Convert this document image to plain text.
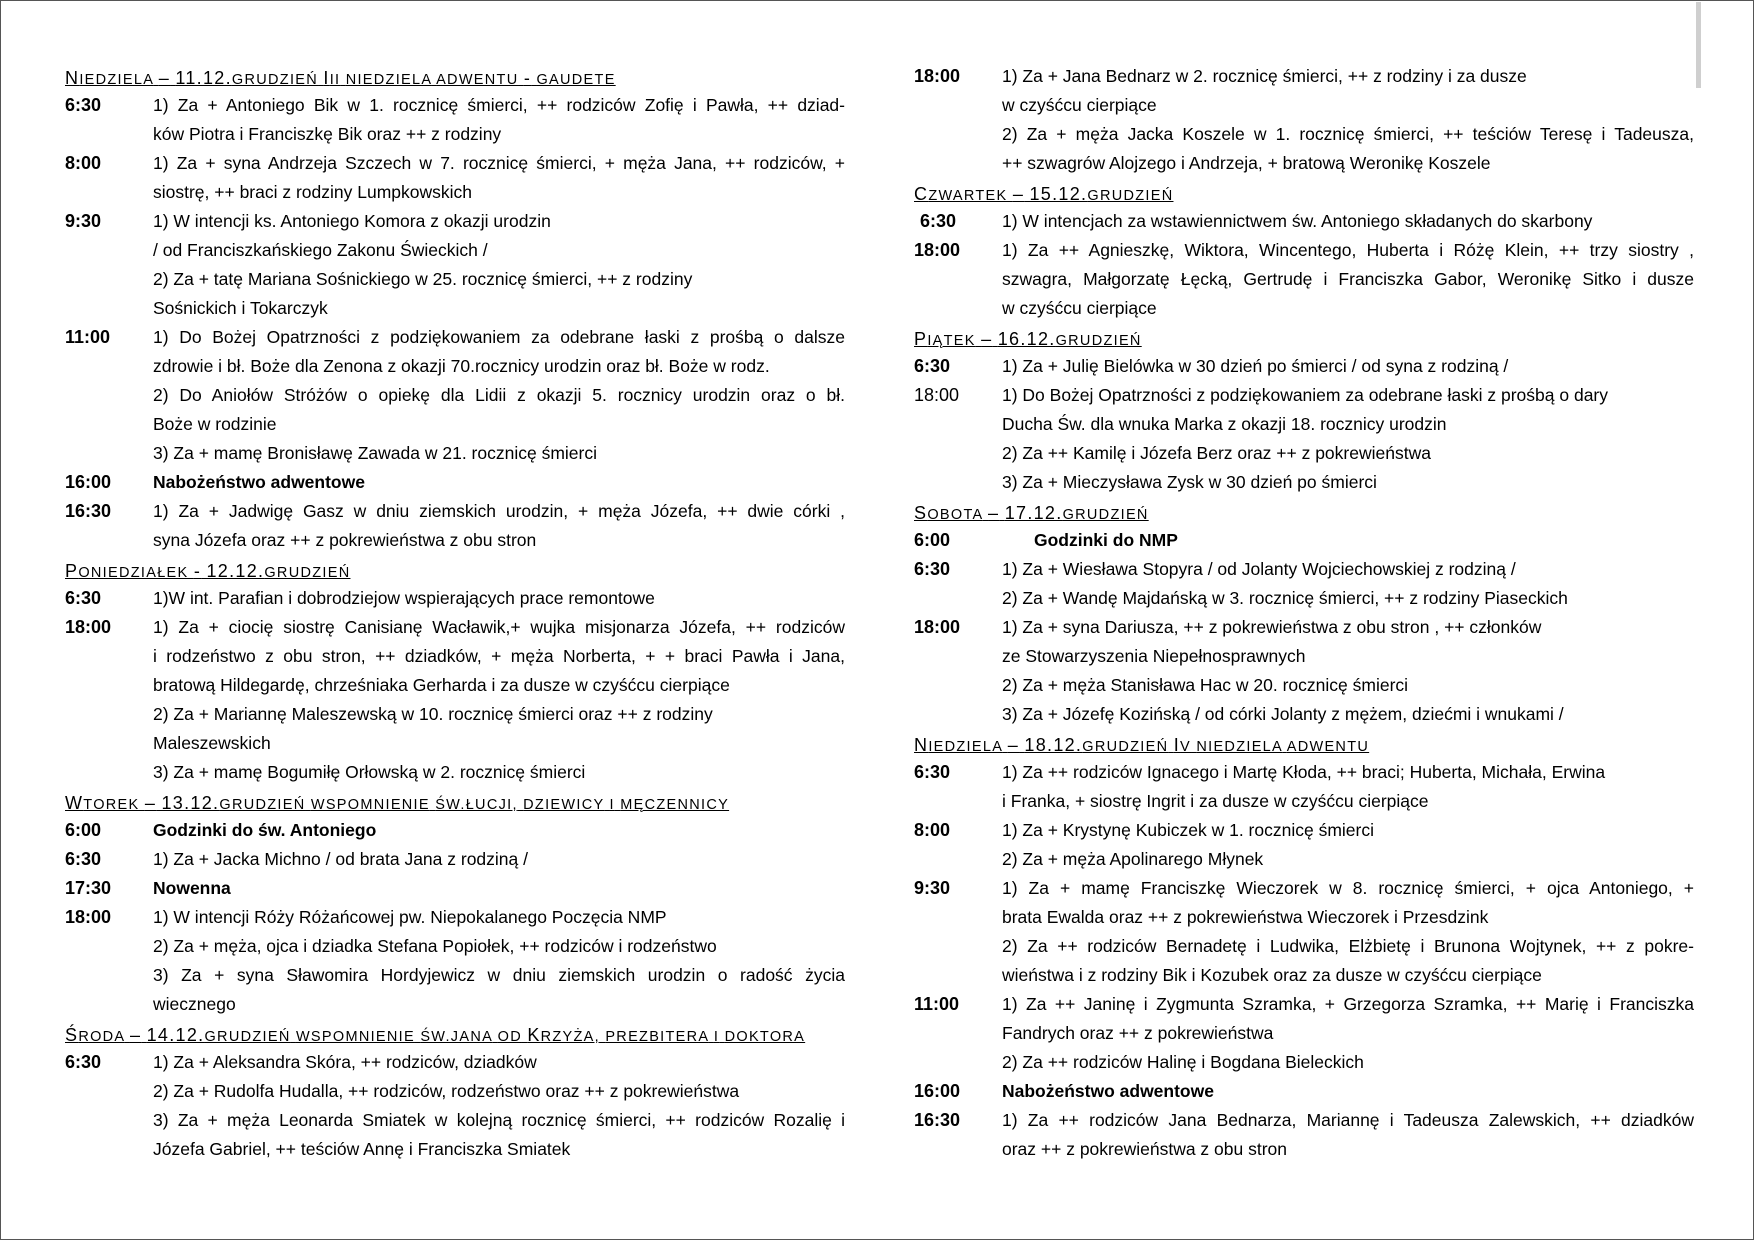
NIEDZIELA – 11.12.GRUDZIEŃ III NIEDZIELA ADWENTU - GAUDETE
6:30	1) Za + Antoniego Bik w 1. rocznicę śmierci, ++ rodziców Zofię i Pawła, ++ dziad-
ków Piotra i Franciszkę Bik oraz ++ z rodziny
8:00	1) Za + syna Andrzeja Szczech w 7. rocznicę śmierci, + męża Jana, ++ rodziców, +
siostrę, ++ braci z rodziny Lumpkowskich
9:30	1) W intencji ks. Antoniego Komora z okazji urodzin
/ od Franciszkańskiego Zakonu Świeckich /
2) Za + tatę Mariana Sośnickiego w 25. rocznicę śmierci, ++ z rodziny
Sośnickich i Tokarczyk
11:00	1) Do Bożej Opatrzności z podziękowaniem za odebrane łaski z prośbą o dalsze
zdrowie i bł. Boże dla Zenona z okazji 70.rocznicy urodzin oraz bł. Boże w rodz.
2) Do Aniołów Stróżów o opiekę dla Lidii z okazji 5. rocznicy urodzin oraz o bł.
Boże w rodzinie
3) Za + mamę Bronisławę Zawada w 21. rocznicę śmierci
16:00	Nabożeństwo adwentowe
16:30	1) Za + Jadwigę Gasz w dniu ziemskich urodzin, + męża Józefa, ++ dwie córki ,
syna Józefa oraz ++ z pokrewieństwa z obu stron
PONIEDZIAŁEK - 12.12.GRUDZIEŃ
6:30	1)W int. Parafian i dobrodziejow wspierających prace remontowe
18:00	1) Za + ciocię siostrę Canisianę Wacławik,+ wujka misjonarza Józefa, ++ rodziców
i rodzeństwo z obu stron, ++ dziadków, + męża Norberta, + + braci Pawła i Jana,
bratową Hildegardę, chrześniaka Gerharda i za dusze w czyśćcu cierpiące
2) Za + Mariannę Maleszewską w 10. rocznicę śmierci oraz ++ z rodziny
Maleszewskich
3) Za + mamę Bogumiłę Orłowską w 2. rocznicę śmierci
WTOREK – 13.12.GRUDZIEŃ WSPOMNIENIE ŚW.ŁUCJI, DZIEWICY I MĘCZENNICY
6:00	Godzinki do św. Antoniego
6:30	1) Za + Jacka Michno / od brata Jana z rodziną /
17:30	Nowenna
18:00	1) W intencji Róży Różańcowej pw. Niepokalanego Poczęcia NMP
2) Za + męża, ojca i dziadka Stefana Popiołek, ++ rodziców i rodzeństwo
3) Za + syna Sławomira Hordyjewicz w dniu ziemskich urodzin o radość życia
wiecznego
ŚRODA – 14.12.GRUDZIEŃ WSPOMNIENIE ŚW.JANA OD KRZYŻA, PREZBITERA I DOKTORA
6:30	1) Za + Aleksandra Skóra, ++ rodziców, dziadków
2) Za + Rudolfa Hudalla, ++ rodziców, rodzeństwo oraz ++ z pokrewieństwa
3) Za + męża Leonarda Smiatek w kolejną rocznicę śmierci, ++ rodziców Rozalię i
Józefa Gabriel, ++ teściów Annę i Franciszka Smiatek
18:00	1) Za + Jana Bednarz w 2. rocznicę śmierci, ++ z rodziny i za dusze
w czyśćcu cierpiące
2) Za + męża Jacka Koszele w 1. rocznicę śmierci, ++ teściów Teresę i Tadeusza,
++ szwagrów Alojzego i Andrzeja, + bratową Weronikę Koszele
CZWARTEK – 15.12.GRUDZIEŃ
6:30	1) W intencjach za wstawiennictwem św. Antoniego składanych do skarbony
18:00	1) Za ++ Agnieszkę, Wiktora, Wincentego, Huberta i Różę Klein, ++ trzy siostry ,
szwagra, Małgorzatę Łęcką, Gertrudę i Franciszka Gabor, Weronikę Sitko i dusze
w czyśćcu cierpiące
PIĄTEK – 16.12.GRUDZIEŃ
6:30	1) Za + Julię Bielówka w 30 dzień po śmierci / od syna z rodziną /
18:00	1) Do Bożej Opatrzności z podziękowaniem za odebrane łaski z prośbą o dary
Ducha Św. dla wnuka Marka z okazji 18. rocznicy urodzin
2) Za ++ Kamilę i Józefa Berz oraz ++ z pokrewieństwa
3) Za + Mieczysława Zysk w 30 dzień po śmierci
SOBOTA – 17.12.GRUDZIEŃ
6:00	Godzinki do NMP
6:30	1) Za + Wiesława Stopyra / od Jolanty Wojciechowskiej z rodziną /
2) Za + Wandę Majdańską w 3. rocznicę śmierci, ++ z rodziny Piaseckich
18:00	1) Za + syna Dariusza, ++ z pokrewieństwa z obu stron , ++ członków
ze Stowarzyszenia Niepełnosprawnych
2) Za + męża Stanisława Hac w 20. rocznicę śmierci
3) Za + Józefę Kozińską / od córki Jolanty z mężem, dziećmi i wnukami /
NIEDZIELA – 18.12.GRUDZIEŃ IV NIEDZIELA ADWENTU
6:30	1) Za ++ rodziców Ignacego i Martę Kłoda, ++ braci; Huberta, Michała, Erwina
i Franka, + siostrę Ingrit i za dusze w czyśćcu cierpiące
8:00	1) Za + Krystynę Kubiczek w 1. rocznicę śmierci
2) Za + męża Apolinarego Młynek
9:30	1) Za + mamę Franciszkę Wieczorek w 8. rocznicę śmierci, + ojca Antoniego, +
brata Ewalda oraz ++ z pokrewieństwa Wieczorek i Przesdzink
2) Za ++ rodziców Bernadetę i Ludwika, Elżbietę i Brunona Wojtynek, ++ z pokre-
wieństwa i z rodziny Bik i Kozubek oraz za dusze w czyśćcu cierpiące
11:00	1) Za ++ Janinę i Zygmunta Szramka, + Grzegorza Szramka, ++ Marię i Franciszka
Fandrych oraz ++ z pokrewieństwa
2) Za ++ rodziców Halinę i Bogdana Bieleckich
16:00	Nabożeństwo adwentowe
16:30	1) Za ++ rodziców Jana Bednarza, Mariannę i Tadeusza Zalewskich, ++ dziadków
oraz ++ z pokrewieństwa z obu stron
